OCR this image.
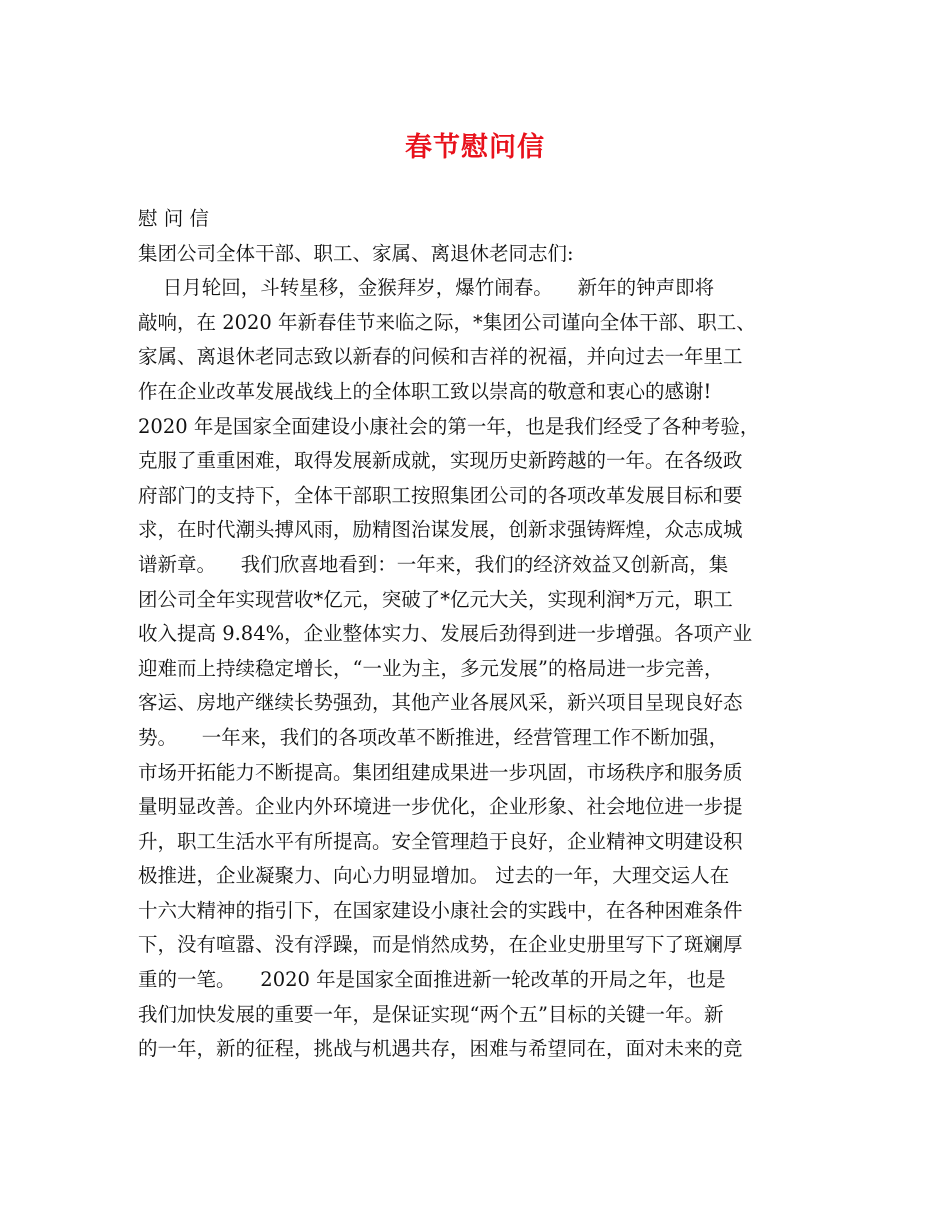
春节慰问信
慰 问 信
集团公司全体干部、职工、家属、离退休老同志们:
日月轮回，斗转星移，金猴拜岁，爆竹闹春。    新年的钟声即将
敲响，在 2020 年新春佳节来临之际，*集团公司谨向全体干部、职工、
家属、离退休老同志致以新春的问候和吉祥的祝福，并向过去一年里工
作在企业改革发展战线上的全体职工致以崇高的敬意和衷心的感谢!
2020 年是国家全面建设小康社会的第一年，也是我们经受了各种考验，
克服了重重困难，取得发展新成就，实现历史新跨越的一年。在各级政
府部门的支持下，全体干部职工按照集团公司的各项改革发展目标和要
求，在时代潮头搏风雨，励精图治谋发展，创新求强铸辉煌，众志成城
谱新章。    我们欣喜地看到：一年来，我们的经济效益又创新高，集
团公司全年实现营收*亿元，突破了*亿元大关，实现利润*万元，职工
收入提高 9.84%，企业整体实力、发展后劲得到进一步增强。各项产业
迎难而上持续稳定增长，“一业为主，多元发展”的格局进一步完善，
客运、房地产继续长势强劲，其他产业各展风采，新兴项目呈现良好态
势。    一年来，我们的各项改革不断推进，经营管理工作不断加强，
市场开拓能力不断提高。集团组建成果进一步巩固，市场秩序和服务质
量明显改善。企业内外环境进一步优化，企业形象、社会地位进一步提
升，职工生活水平有所提高。安全管理趋于良好，企业精神文明建设积
极推进，企业凝聚力、向心力明显增加。 过去的一年，大理交运人在
十六大精神的指引下，在国家建设小康社会的实践中，在各种困难条件
下，没有喧嚣、没有浮躁，而是悄然成势，在企业史册里写下了斑斓厚
重的一笔。    2020 年是国家全面推进新一轮改革的开局之年，也是
我们加快发展的重要一年，是保证实现“两个五”目标的关键一年。新
的一年，新的征程，挑战与机遇共存，困难与希望同在，面对未来的竞
